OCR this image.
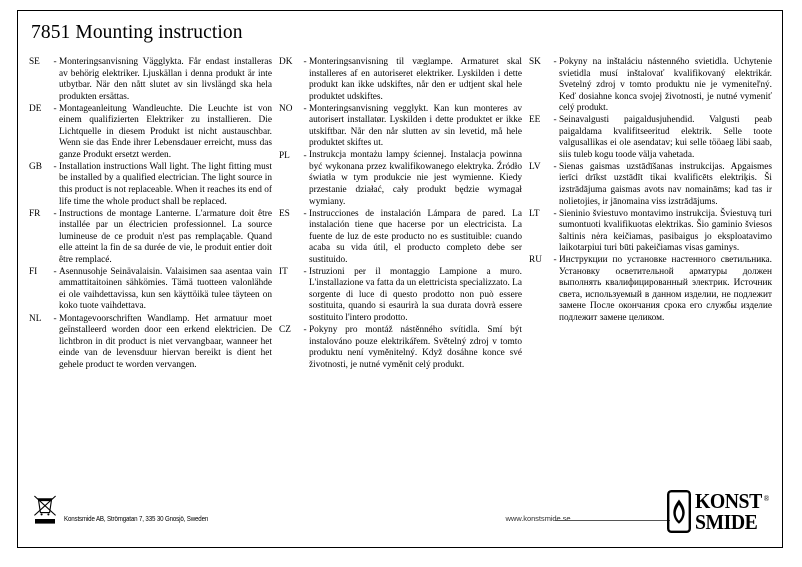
7851 Mounting instruction
SE	- Monteringsanvisning Vägglykta. Får endast installeras av behörig elektriker. Ljuskällan i denna produkt är inte utbytbar. När den nått slutet av sin livslängd ska hela produkten ersättas.
DE	- Montageanleitung Wandleuchte. Die Leuchte ist von einem qualifizierten Elektriker zu installieren. Die Lichtquelle in diesem Produkt ist nicht austauschbar. Wenn sie das Ende ihrer Lebensdauer erreicht, muss das ganze Produkt ersetzt werden.
GB	- Installation instructions Wall light. The light fitting must be installed by a qualified electrician. The light source in this product is not replaceable. When it reaches its end of life time the whole product shall be replaced.
FR	- Instructions de montage Lanterne. L'armature doit être installée par un électricien professionnel. La source lumineuse de ce produit n'est pas remplaçable. Quand elle atteint la fin de sa durée de vie, le produit entier doit être remplacé.
FI	- Asennusohje Seinävalaisin. Valaisimen saa asentaa vain ammattitaitoinen sähkömies. Tämä tuotteen valonlähde ei ole vaihdettavissa, kun sen käyttöikä tulee täyteen on koko tuote vaihdettava.
NL	- Montagevoorschriften Wandlamp. Het armatuur moet geïnstalleerd worden door een erkend elektricien. De lichtbron in dit product is niet vervangbaar, wanneer het einde van de levensduur hiervan bereikt is dient het gehele product te worden vervangen.
DK	- Monteringsanvisning til væglampe. Armaturet skal installeres af en autoriseret elektriker. Lyskilden i dette produkt kan ikke udskiftes, når den er udtjent skal hele produktet udskiftes.
NO	- Monteringsanvisning vegglykt. Kan kun monteres av autorisert installatør. Lyskilden i dette produktet er ikke utskiftbar. Når den når slutten av sin levetid, må hele produktet skiftes ut.
PL	- Instrukcja montażu lampy ściennej. Instalacja powinna być wykonana przez kwalifikowanego elektryka. Źródło światła w tym produkcie nie jest wymienne. Kiedy przestanie działać, cały produkt będzie wymagał wymiany.
ES	- Instrucciones de instalación Lámpara de pared. La instalación tiene que hacerse por un electricista. La fuente de luz de este producto no es sustituible: cuando acaba su vida útil, el producto completo debe ser sustituido.
IT	- Istruzioni per il montaggio Lampione a muro. L'installazione va fatta da un elettricista specializzato. La sorgente di luce di questo prodotto non può essere sostituita, quando si esaurirà la sua durata dovrà essere sostituito l'intero prodotto.
CZ	- Pokyny pro montáž nástěnného svítidla. Smí být instalováno pouze elektrikářem. Světelný zdroj v tomto produktu není vyměnitelný. Když dosáhne konce své životnosti, je nutné vyměnit celý produkt.
SK	- Pokyny na inštaláciu nástenného svietidla. Uchytenie svietidla musí inštalovať kvalifikovaný elektrikár. Svetelný zdroj v tomto produktu nie je vymeniteľný. Keď dosiahne konca svojej životnosti, je nutné vymeniť celý produkt.
EE	- Seinavalgusti paigaldusjuhendid. Valgusti peab paigaldama kvalifitseeritud elektrik. Selle toote valgusallikas ei ole asendatav; kui selle tööaeg läbi saab, siis tuleb kogu toode välja vahetada.
LV	- Sienas gaismas uzstādīšanas instrukcijas. Apgaismes ierīci drīkst uzstādīt tikai kvalificēts elektriķis. Ši izstrādājuma gaismas avots nav nomaināms; kad tas ir nolietojies, ir jānomaina viss izstrādājums.
LT	- Sieninio šviestuvo montavimo instrukcija. Šviestuvą turi sumontuoti kvalifikuotas elektrikas. Šio gaminio šviesos šaltinis nėra keičiamas, pasibaigus jo eksploatavimo laikotarpiui turi būti pakeičiamas visas gaminys.
RU	- Инструкции по установке настенного светильника. Установку осветительной арматуры должен выполнять квалифицированный электрик. Источник света, используемый в данном изделии, не подлежит замене После окончания срока его службы изделие подлежит замене целиком.
Konstsmide AB, Strömgatan 7, 335 30 Gnosjö, Sweden	www.konstsmide.se
KONST
SMIDE
®
